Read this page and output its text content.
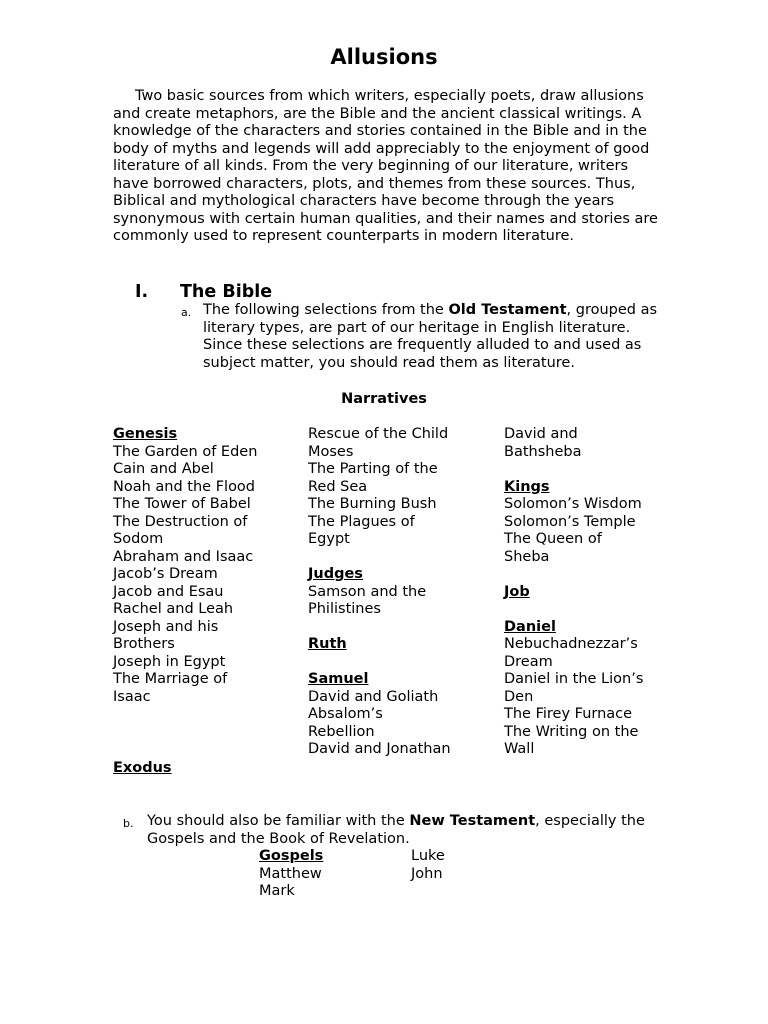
Allusions

Two basic sources from which writers, especially poets, draw allusions and create metaphors, are the Bible and the ancient classical writings. A knowledge of the characters and stories contained in the Bible and in the body of myths and legends will add appreciably to the enjoyment of good literature of all kinds. From the very beginning of our literature, writers have borrowed characters, plots, and themes from these sources. Thus, Biblical and mythological characters have become through the years synonymous with certain human qualities, and their names and stories are commonly used to represent counterparts in modern literature.

I. The Bible
a. The following selections from the Old Testament, grouped as literary types, are part of our heritage in English literature. Since these selections are frequently alluded to and used as subject matter, you should read them as literature.
Narratives
Genesis
The Garden of Eden
Cain and Abel
Noah and the Flood
The Tower of Babel
The Destruction of
Sodom
Abraham and Isaac
Jacob’s Dream
Jacob and Esau
Rachel and Leah
Joseph and his
Brothers
Joseph in Egypt
The Marriage of
Isaac
Exodus
Rescue of the Child
Moses
The Parting of the
Red Sea
The Burning Bush
The Plagues of
Egypt
Judges
Samson and the
Philistines
Ruth
Samuel
David and Goliath
Absalom’s
Rebellion
David and Jonathan
David and
Bathsheba
Kings
Solomon’s Wisdom
Solomon’s Temple
The Queen of
Sheba
Job
Daniel
Nebuchadnezzar’s
Dream
Daniel in the Lion’s
Den
The Firey Furnace
The Writing on the
Wall
b. You should also be familiar with the New Testament, especially the Gospels and the Book of Revelation.
Gospels
Matthew
Mark
Luke
John
